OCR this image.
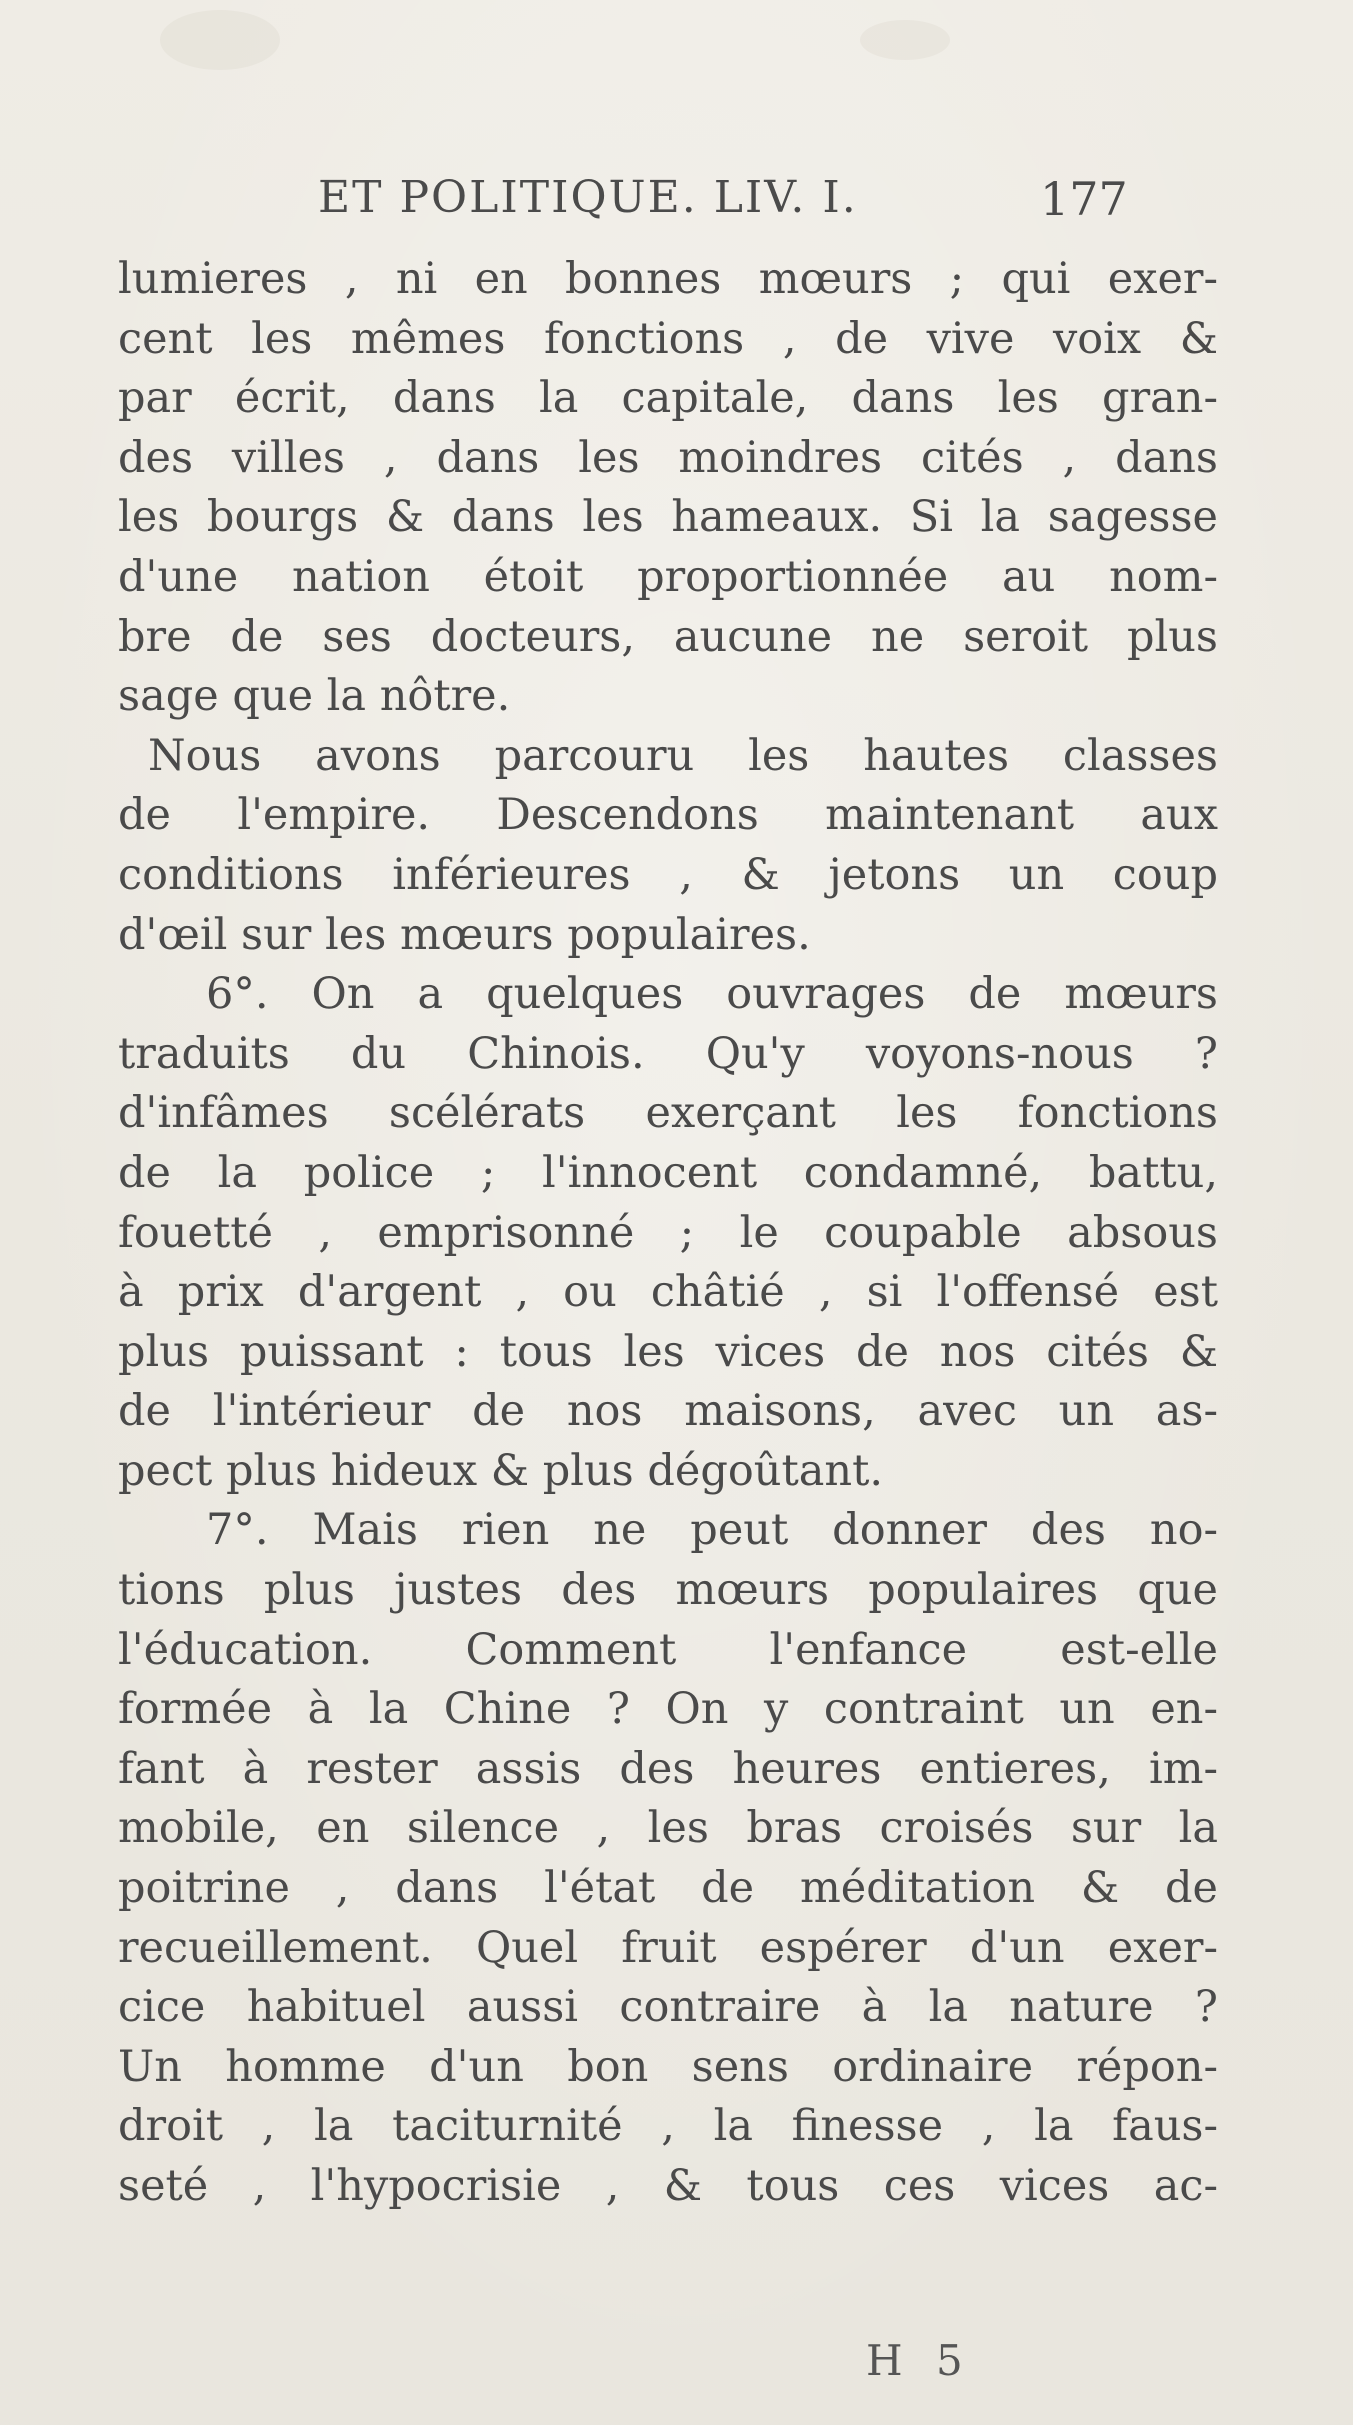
ET POLITIQUE. LIV. I.	177
lumieres , ni en bonnes mœurs ; qui exer-
cent les mêmes fonctions , de vive voix &
par écrit, dans la capitale, dans les gran-
des villes , dans les moindres cités , dans
les bourgs & dans les hameaux. Si la sagesse
d'une nation étoit proportionnée au nom-
bre de ses docteurs, aucune ne seroit plus
sage que la nôtre.
Nous avons parcouru les hautes classes
de l'empire. Descendons maintenant aux
conditions inférieures , & jetons un coup
d'œil sur les mœurs populaires.
6°. On a quelques ouvrages de mœurs
traduits du Chinois. Qu'y voyons-nous ?
d'infâmes scélérats exerçant les fonctions
de la police ; l'innocent condamné, battu,
fouetté , emprisonné ; le coupable absous
à prix d'argent , ou châtié , si l'offensé est
plus puissant : tous les vices de nos cités &
de l'intérieur de nos maisons, avec un as-
pect plus hideux & plus dégoûtant.
7°. Mais rien ne peut donner des no-
tions plus justes des mœurs populaires que
l'éducation. Comment l'enfance est-elle
formée à la Chine ? On y contraint un en-
fant à rester assis des heures entieres, im-
mobile, en silence , les bras croisés sur la
poitrine , dans l'état de méditation & de
recueillement. Quel fruit espérer d'un exer-
cice habituel aussi contraire à la nature ?
Un homme d'un bon sens ordinaire répon-
droit , la taciturnité , la finesse , la faus-
seté , l'hypocrisie , & tous ces vices ac-
H 5
